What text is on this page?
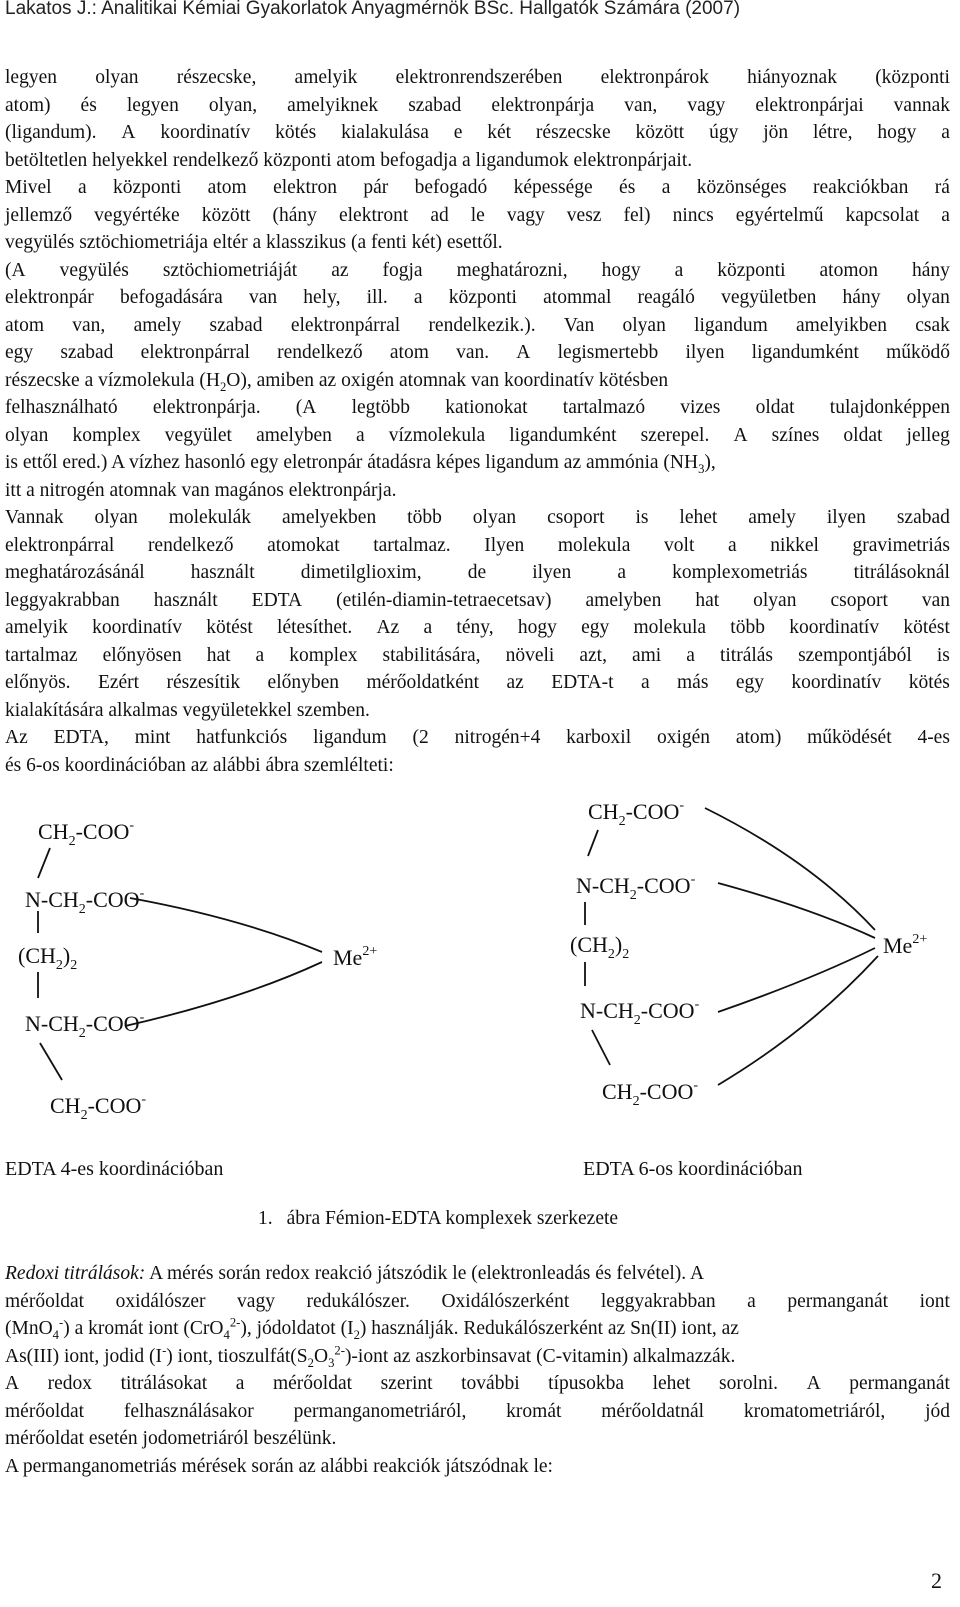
Lakatos J.: Analitikai Kémiai Gyakorlatok Anyagmérnök BSc. Hallgatók Számára (2007)
legyen olyan részecske, amelyik elektronrendszerében elektronpárok hiányoznak (központi
atom) és legyen olyan, amelyiknek szabad elektronpárja van, vagy elektronpárjai vannak
(ligandum). A koordinatív kötés kialakulása e két részecske között úgy jön létre, hogy a
betöltetlen helyekkel rendelkező központi atom befogadja a ligandumok elektronpárjait.
Mivel a központi atom elektron pár befogadó képessége és a közönséges reakciókban rá
jellemző vegyértéke között (hány elektront ad le vagy vesz fel) nincs egyértelmű kapcsolat a
vegyülés sztöchiometriája eltér a klasszikus (a fenti két) esettől.
(A vegyülés sztöchiometriáját az fogja meghatározni, hogy a központi atomon hány
elektronpár befogadására van hely, ill. a központi atommal reagáló vegyületben hány olyan
atom van, amely szabad elektronpárral rendelkezik.). Van olyan ligandum amelyikben csak
egy szabad elektronpárral rendelkező atom van. A legismertebb ilyen ligandumként működő
részecske a vízmolekula $(H_2O)$, amiben az oxigén atomnak van koordinatív kötésben
felhasználható elektronpárja. (A legtöbb kationokat tartalmazó vizes oldat tulajdonképpen
olyan komplex vegyület amelyben a vízmolekula ligandumként szerepel. A színes oldat jelleg
is ettől ered.) A vízhez hasonló egy eletronpár átadásra képes ligandum az ammónia $(NH_3)$,
itt a nitrogén atomnak van magános elektronpárja.
Vannak olyan molekulák amelyekben több olyan csoport is lehet amely ilyen szabad
elektronpárral rendelkező atomokat tartalmaz. Ilyen molekula volt a nikkel gravimetriás
meghatározásánál használt dimetilglioxim, de ilyen a komplexometriás titrálásoknál
leggyakrabban használt EDTA (etilén-diamin-tetraecetsav) amelyben hat olyan csoport van
amelyik koordinatív kötést létesíthet. Az a tény, hogy egy molekula több koordinatív kötést
tartalmaz előnyösen hat a komplex stabilitására, növeli azt, ami a titrálás szempontjából is
előnyös. Ezért részesítik előnyben mérőoldatként az EDTA-t a más egy koordinatív kötés
kialakítására alkalmas vegyületekkel szemben.
Az EDTA, mint hatfunkciós ligandum (2 nitrogén+4 karboxil oxigén atom) működését 4-es
és 6-os koordinációban az alábbi ábra szemlélteti:
$CH_2-COO^-$
$N-CH_2-COO^-$
$(CH_2)_2$
$N-CH_2-COO^-$
$CH_2-COO^-$
$Me^{2+}$
$CH_2-COO^-$
$N-CH_2-COO^-$
$(CH_2)_2$
$N-CH_2-COO^-$
$CH_2-COO^-$
$Me^{2+}$
EDTA 4-es koordinációban	EDTA 6-os koordinációban
1. ábra Fémion-EDTA komplexek szerkezete
Redoxi titrálások: A mérés során redox reakció játszódik le (elektronleadás és felvétel). A
mérőoldat oxidálószer vagy redukálószer. Oxidálószerként leggyakrabban a permanganát iont
(MnO$_4$-) a kromát iont (CrO$_4^{2-}$), jódoldatot $(I_2)$ használják. Redukálószerként az Sn(II) iont, az
As(III) iont, jodid (I-) iont, $tioszulfát(S_2O_3^{2-})$-iont az aszkorbinsavat (C-vitamin) alkalmazzák.
A redox titrálásokat a mérőoldat szerint további típusokba lehet sorolni. A permanganát
mérőoldat felhasználásakor permanganometriáról, kromát mérőoldatnál kromatometriáról, jód
mérőoldat esetén jodometriáról beszélünk.
A permanganometriás mérések során az alábbi reakciók játszódnak le:
2
